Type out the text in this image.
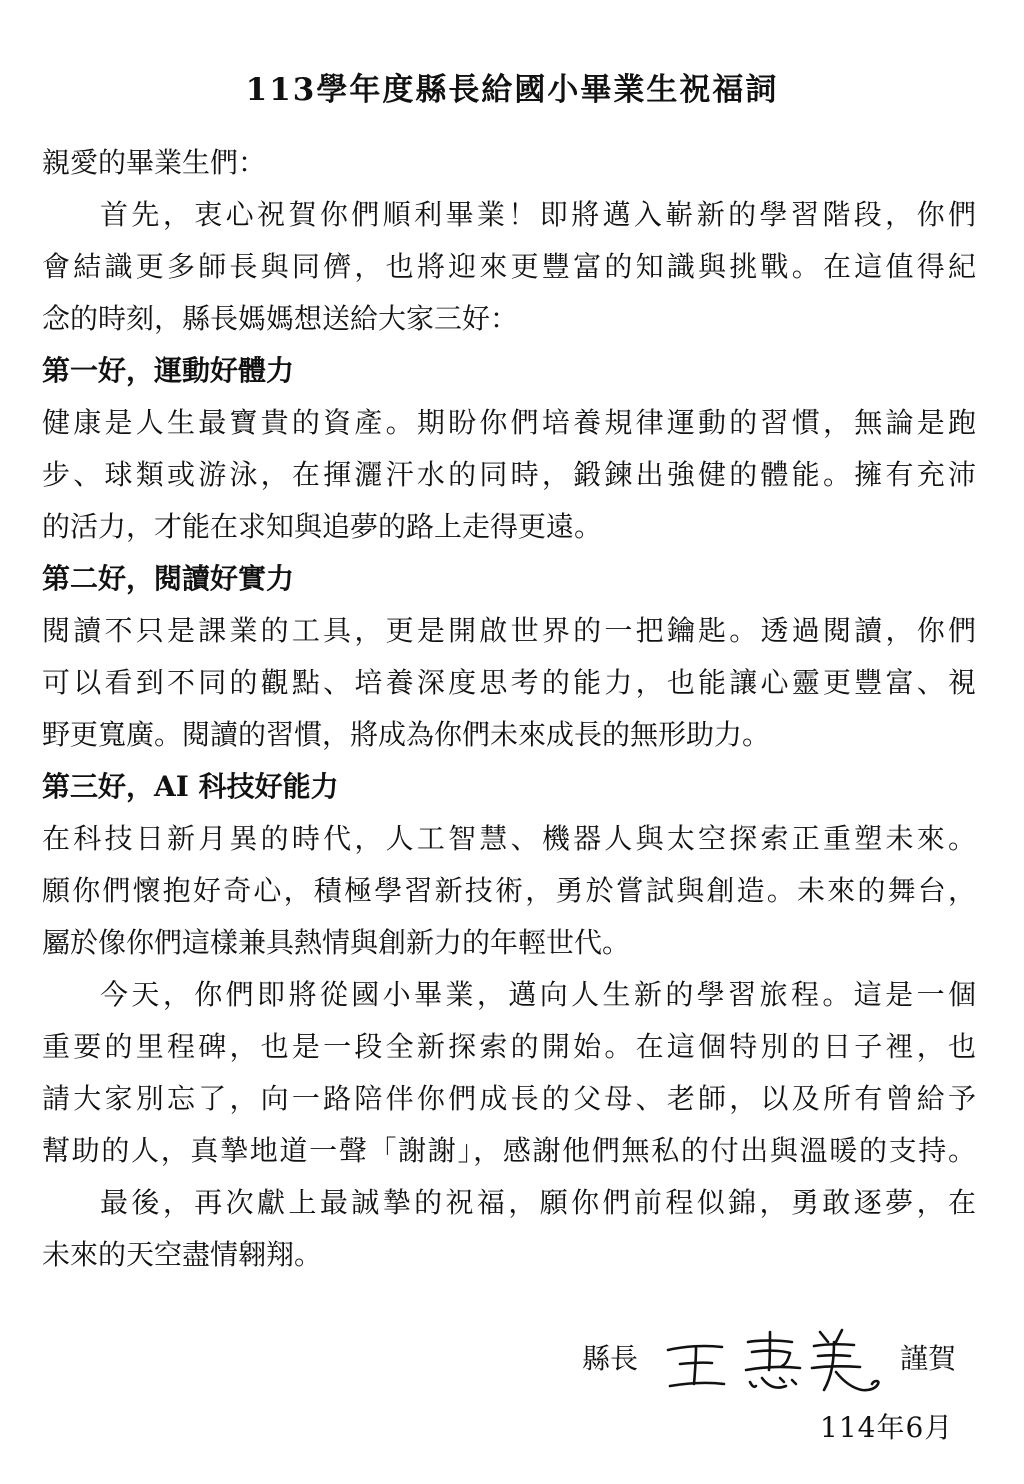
113學年度縣長給國小畢業生祝福詞
親愛的畢業生們：
首先，衷心祝賀你們順利畢業！即將邁入嶄新的學習階段，你們
會結識更多師長與同儕，也將迎來更豐富的知識與挑戰。在這值得紀
念的時刻，縣長媽媽想送給大家三好：
第一好，運動好體力
健康是人生最寶貴的資產。期盼你們培養規律運動的習慣，無論是跑
步、球類或游泳，在揮灑汗水的同時，鍛鍊出強健的體能。擁有充沛
的活力，才能在求知與追夢的路上走得更遠。
第二好，閱讀好實力
閱讀不只是課業的工具，更是開啟世界的一把鑰匙。透過閱讀，你們
可以看到不同的觀點、培養深度思考的能力，也能讓心靈更豐富、視
野更寬廣。閱讀的習慣，將成為你們未來成長的無形助力。
第三好，AI 科技好能力
在科技日新月異的時代，人工智慧、機器人與太空探索正重塑未來。
願你們懷抱好奇心，積極學習新技術，勇於嘗試與創造。未來的舞台，
屬於像你們這樣兼具熱情與創新力的年輕世代。
今天，你們即將從國小畢業，邁向人生新的學習旅程。這是一個
重要的里程碑，也是一段全新探索的開始。在這個特別的日子裡，也
請大家別忘了，向一路陪伴你們成長的父母、老師，以及所有曾給予
幫助的人，真摯地道一聲「謝謝」，感謝他們無私的付出與溫暖的支持。
最後，再次獻上最誠摯的祝福，願你們前程似錦，勇敢逐夢，在
未來的天空盡情翱翔。
縣長	謹賀
114年6月
